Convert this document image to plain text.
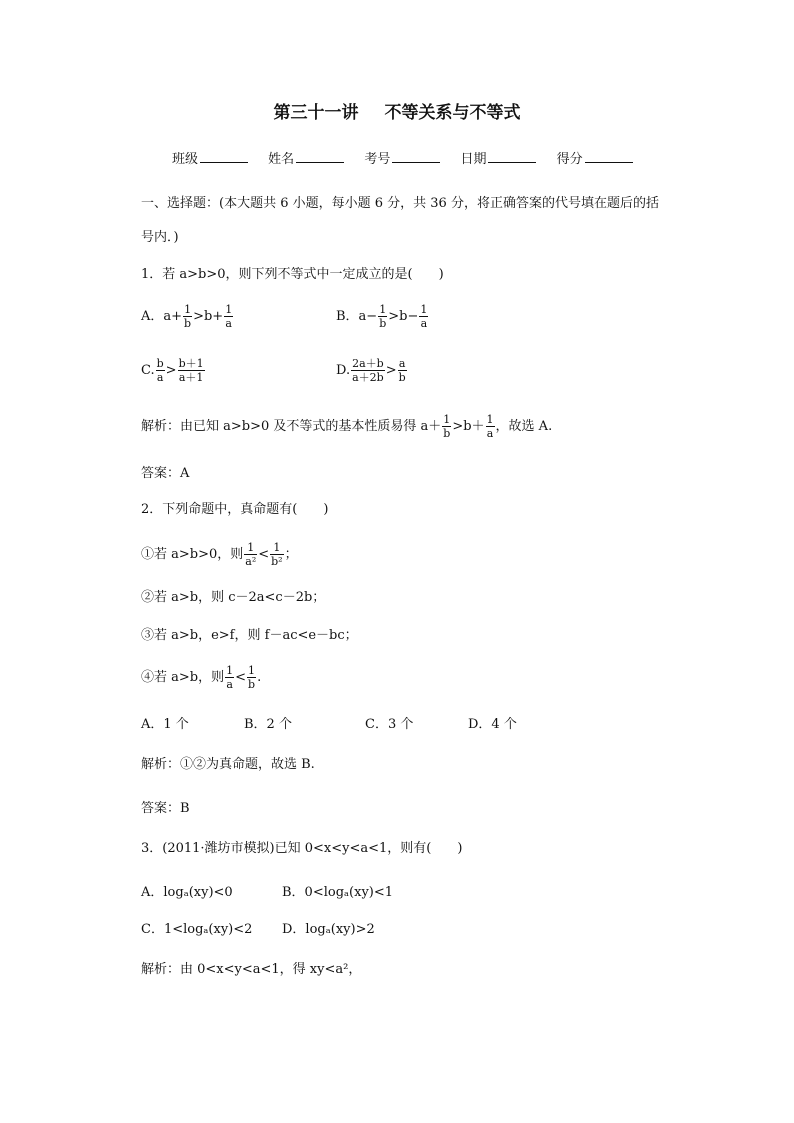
第三十一讲 不等关系与不等式
班级	姓名	考号	日期	得分
一、选择题：(本大题共 6 小题，每小题 6 分，共 36 分，将正确答案的代号填在题后的括
号内．)
1．若 a>b>0，则下列不等式中一定成立的是(　　)
A．$a+ \frac{1}{b} >b+ \frac{1}{a}$	B．$a- \frac{1}{b} >b- \frac{1}{a}$
C. $\frac{b}{a} > \frac{b+1}{a+1}$	D. $\frac{2a+b}{a+2b} > \frac{a}{b}$
解析：由已知 a>b>0 及不等式的基本性质易得 $a+ \frac{1}{b} >b+ \frac{1}{a}$ ，故选 A.
答案：A
2．下列命题中，真命题有(　　)
①若 a>b>0，则 $\frac{1}{\text{a²}} < \frac{1}{\text{b²}}$ ；
②若 a>b，则 c－2a<c－2b；
③若 a>b，e>f，则 f－ac<e－bc；
④若 a>b，则 $\frac{1}{a} < \frac{1}{b}$ .
A．1 个	B．2 个	C．3 个	D．4 个
解析：①②为真命题，故选 B.
答案：B
3．(2011·潍坊市模拟)已知 0<x<y<a<1，则有(　　)
A．logₐ(xy)<0	B．0<logₐ(xy)<1
C．1<logₐ(xy)<2 D．logₐ(xy)>2
解析：由 0<x<y<a<1，得 xy<a²，
